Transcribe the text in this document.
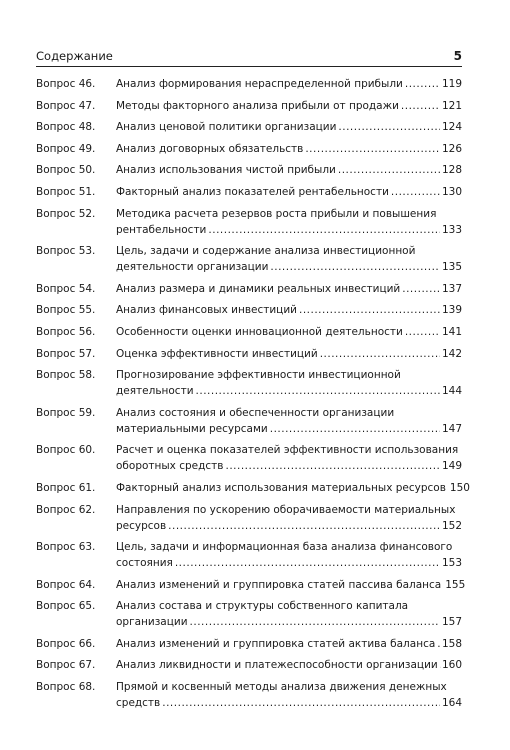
Содержание	5
Вопрос 46.	Анализ формирования нераспределенной прибыли .....	119
Вопрос 47.	Методы факторного анализа прибыли от продажи .....	121
Вопрос 48.	Анализ ценовой политики организации .....	124
Вопрос 49.	Анализ договорных обязательств .....	126
Вопрос 50.	Анализ использования чистой прибыли .....	128
Вопрос 51.	Факторный анализ показателей рентабельности .....	130
Вопрос 52.	Методика расчета резервов роста прибыли и повышения
рентабельности .....	133
Вопрос 53.	Цель, задачи и содержание анализа инвестиционной
деятельности организации .....	135
Вопрос 54.	Анализ размера и динамики реальных инвестиций .....	137
Вопрос 55.	Анализ финансовых инвестиций .....	139
Вопрос 56.	Особенности оценки инновационной деятельности .....	141
Вопрос 57.	Оценка эффективности инвестиций .....	142
Вопрос 58.	Прогнозирование эффективности инвестиционной
деятельности .....	144
Вопрос 59.	Анализ состояния и обеспеченности организации
материальными ресурсами .....	147
Вопрос 60.	Расчет и оценка показателей эффективности использования
оборотных средств .....	149
Вопрос 61.	Факторный анализ использования материальных ресурсов 150
Вопрос 62.	Направления по ускорению оборачиваемости материальных
ресурсов .....	152
Вопрос 63.	Цель, задачи и информационная база анализа финансового
состояния .....	153
Вопрос 64.	Анализ изменений и группировка статей пассива баланса 155
Вопрос 65.	Анализ состава и структуры собственного капитала
организации .....	157
Вопрос 66.	Анализ изменений и группировка статей актива баланса ..... 158
Вопрос 67.	Анализ ликвидности и платежеспособности организации ..... 160
Вопрос 68.	Прямой и косвенный методы анализа движения денежных
средств .....	164
